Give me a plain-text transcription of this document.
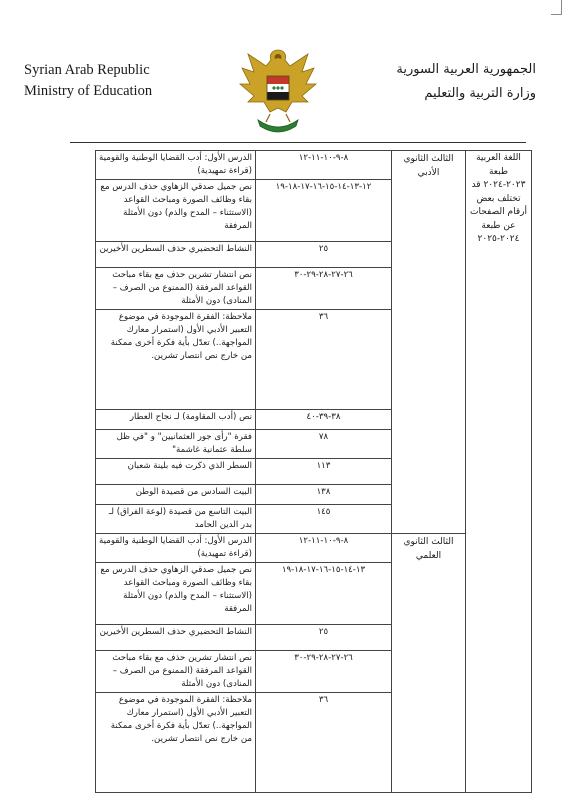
Syrian Arab Republic
Ministry of Education
الجمهورية العربية السورية
وزارة التربية والتعليم
اللغة العربية طبعة ٢٠٢٣-٢٠٢٤ قد تختلف بعض أرقام الصفحات عن طبعة ٢٠٢٤-٢٠٢٥	الثالث الثانوي الأدبي	٨-٩-١٠-١١-١٢	الدرس الأول: أدب القضايا الوطنية والقومية (قراءة تمهيدية)
		١٢-١٣-١٤-١٥-١٦-١٧-١٨-١٩	نص جميل صدقي الزهاوي حذف الدرس مع بقاء وظائف الصورة ومباحث القواعد (الاستثناء – المدح والذم) دون الأمثلة المرفقة
		٢٥	النشاط التحضيري حذف السطرين الأخيرين
		٢٦-٢٧-٢٨-٢٩-٣٠	نص انتشار تشرين حذف مع بقاء مباحث القواعد المرفقة (الممنوع من الصرف – المنادى) دون الأمثلة
		٣٦	ملاحظة: الفقرة الموجودة في موضوع التعبير الأدبي الأول (استمرار معارك المواجهة..) تعدّل بأية فكرة أخرى ممكنة من خارج نص انتصار تشرين.
		٣٨-٣٩-٤٠	نص (أدب المقاومة) لـ نجاح العطار
		٧٨	فقرة "رأى جور العثمانيين" و "في ظل سلطة عثمانية غاشمة"
		١١٣	السطر الذي ذكرت فيه بلينة شعبان
		١٣٨	البيت السادس من قصيدة الوطن
		١٤٥	البيت التاسع من قصيدة (لوعة الفراق) لـ بدر الدين الحامد
	الثالث الثانوي العلمي	٨-٩-١٠-١١-١٢	الدرس الأول: أدب القضايا الوطنية والقومية (قراءة تمهيدية)
		١٣-١٤-١٥-١٦-١٧-١٨-١٩	نص جميل صدقي الزهاوي حذف الدرس مع بقاء وظائف الصورة ومباحث القواعد (الاستثناء – المدح والذم) دون الأمثلة المرفقة
		٢٥	النشاط التحضيري حذف السطرين الأخيرين
		٢٦-٢٧-٢٨-٢٩-٣٠	نص انتشار تشرين حذف مع بقاء مباحث القواعد المرفقة (الممنوع من الصرف – المنادى) دون الأمثلة
		٣٦	ملاحظة: الفقرة الموجودة في موضوع التعبير الأدبي الأول (استمرار معارك المواجهة..) تعدّل بأية فكرة أخرى ممكنة من خارج نص انتصار تشرين.
